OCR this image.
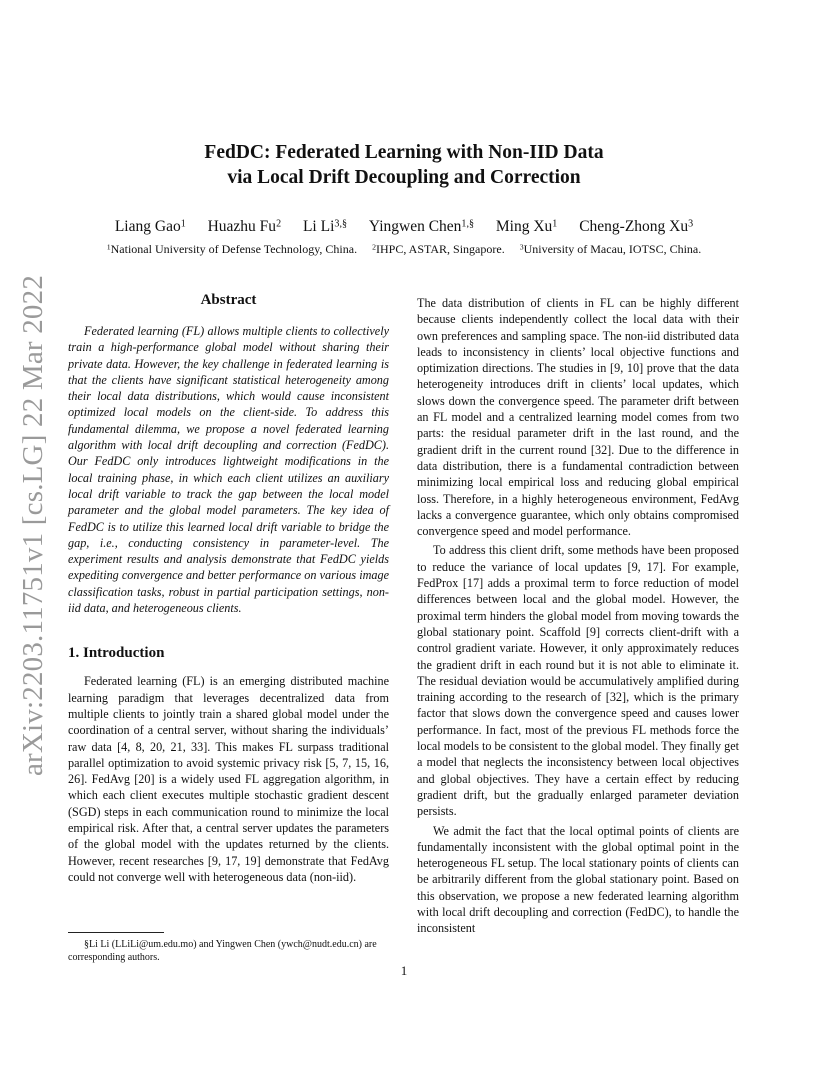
arXiv:2203.11751v1 [cs.LG] 22 Mar 2022
FedDC: Federated Learning with Non-IID Data
via Local Drift Decoupling and Correction
Liang Gao$^1$ Huazhu Fu$^2$ Li $Li^{3,\S}$ Yingwen Chen$^{1,\S}$ Ming Xu$^1$ Cheng-Zhong Xu$^3$
$^1$National University of Defense Technology, China. $^2$IHPC, ASTAR, Singapore. $^3$University of Macau, IOTSC, China.
Abstract

Federated learning (FL) allows multiple clients to collectively train a high-performance global model without sharing their private data. However, the key challenge in federated learning is that the clients have significant statistical heterogeneity among their local data distributions, which would cause inconsistent optimized local models on the client-side. To address this fundamental dilemma, we propose a novel federated learning algorithm with local drift decoupling and correction (FedDC). Our FedDC only introduces lightweight modifications in the local training phase, in which each client utilizes an auxiliary local drift variable to track the gap between the local model parameter and the global model parameters. The key idea of FedDC is to utilize this learned local drift variable to bridge the gap, i.e., conducting consistency in parameter-level. The experiment results and analysis demonstrate that FedDC yields expediting convergence and better performance on various image classification tasks, robust in partial participation settings, non-iid data, and heterogeneous clients.

1. Introduction

Federated learning (FL) is an emerging distributed machine learning paradigm that leverages decentralized data from multiple clients to jointly train a shared global model under the coordination of a central server, without sharing the individuals’ raw data [4, 8, 20, 21, 33]. This makes FL surpass traditional parallel optimization to avoid systemic privacy risk [5, 7, 15, 16, 26]. FedAvg [20] is a widely used FL aggregation algorithm, in which each client executes multiple stochastic gradient descent (SGD) steps in each communication round to minimize the local empirical risk. After that, a central server updates the parameters of the global model with the updates returned by the clients. However, recent researches [9, 17, 19] demonstrate that FedAvg could not converge well with heterogeneous data (non-iid).

§Li Li (LLiLi@um.edu.mo) and Yingwen Chen (ywch@nudt.edu.cn) are corresponding authors.

The data distribution of clients in FL can be highly different because clients independently collect the local data with their own preferences and sampling space. The non-iid distributed data leads to inconsistency in clients’ local objective functions and optimization directions. The studies in [9, 10] prove that the data heterogeneity introduces drift in clients’ local updates, which slows down the convergence speed. The parameter drift between an FL model and a centralized learning model comes from two parts: the residual parameter drift in the last round, and the gradient drift in the current round [32]. Due to the difference in data distribution, there is a fundamental contradiction between minimizing local empirical loss and reducing global empirical loss. Therefore, in a highly heterogeneous environment, FedAvg lacks a convergence guarantee, which only obtains compromised convergence speed and model performance.

To address this client drift, some methods have been proposed to reduce the variance of local updates [9, 17]. For example, FedProx [17] adds a proximal term to force reduction of model differences between local and the global model. However, the proximal term hinders the global model from moving towards the global stationary point. Scaffold [9] corrects client-drift with a control gradient variate. However, it only approximately reduces the gradient drift in each round but it is not able to eliminate it. The residual deviation would be accumulatively amplified during training according to the research of [32], which is the primary factor that slows down the convergence speed and causes lower performance. In fact, most of the previous FL methods force the local models to be consistent to the global model. They finally get a model that neglects the inconsistency between local objectives and global objectives. They have a certain effect by reducing gradient drift, but the gradually enlarged parameter deviation persists.

We admit the fact that the local optimal points of clients are fundamentally inconsistent with the global optimal point in the heterogeneous FL setup. The local stationary points of clients can be arbitrarily different from the global stationary point. Based on this observation, we propose a new federated learning algorithm with local drift decoupling and correction (FedDC), to handle the inconsistent

1
